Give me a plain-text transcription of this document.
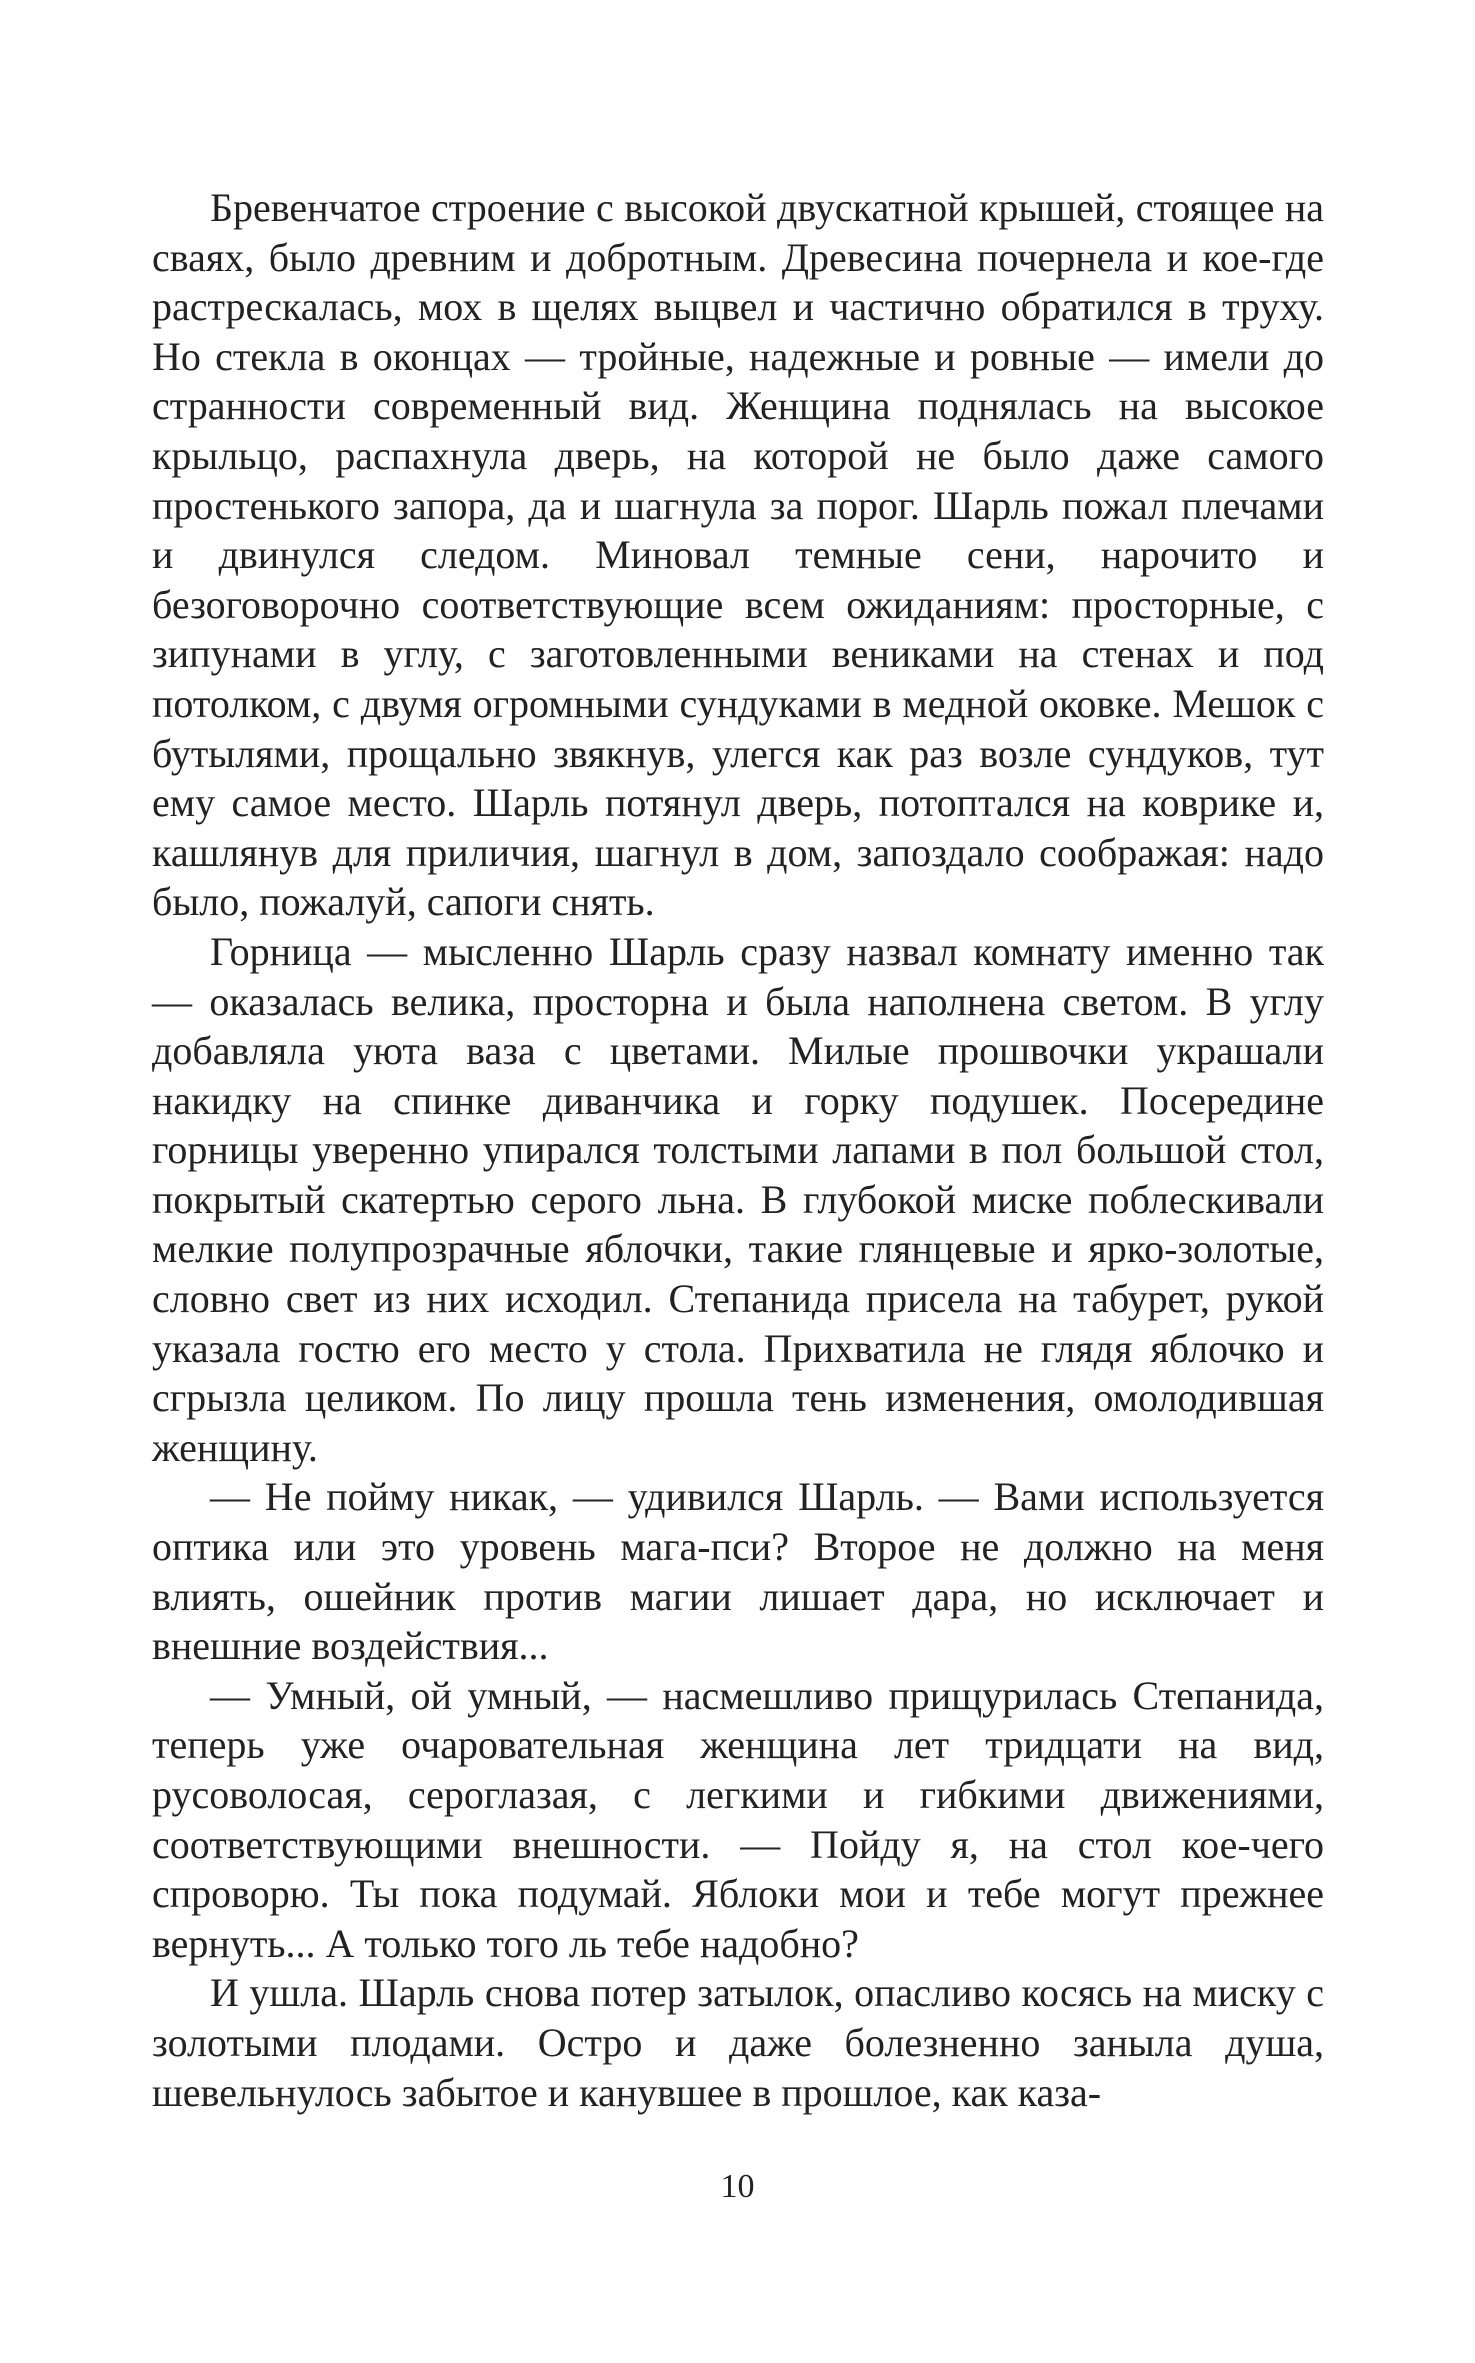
Бревенчатое строение с высокой двускатной крышей, стоящее на сваях, было древним и добротным. Древесина почернела и кое-где растрескалась, мох в щелях выцвел и частично обратился в труху. Но стекла в оконцах — тройные, надежные и ровные — имели до странности современный вид. Женщина поднялась на высокое крыльцо, распахнула дверь, на которой не было даже самого простенького запора, да и шагнула за порог. Шарль пожал плечами и двинулся следом. Миновал темные сени, нарочито и безоговорочно соответствующие всем ожиданиям: просторные, с зипунами в углу, с заготовленными вениками на стенах и под потолком, с двумя огромными сундуками в медной оковке. Мешок с бутылями, прощально звякнув, улегся как раз возле сундуков, тут ему самое место. Шарль потянул дверь, потоптался на коврике и, кашлянув для приличия, шагнул в дом, запоздало соображая: надо было, пожалуй, сапоги снять.

Горница — мысленно Шарль сразу назвал комнату именно так — оказалась велика, просторна и была наполнена светом. В углу добавляла уюта ваза с цветами. Милые прошвочки украшали накидку на спинке диванчика и горку подушек. Посередине горницы уверенно упирался толстыми лапами в пол большой стол, покрытый скатертью серого льна. В глубокой миске поблескивали мелкие полупрозрачные яблочки, такие глянцевые и ярко-золотые, словно свет из них исходил. Степанида присела на табурет, рукой указала гостю его место у стола. Прихватила не глядя яблочко и сгрызла целиком. По лицу прошла тень изменения, омолодившая женщину.

— Не пойму никак, — удивился Шарль. — Вами используется оптика или это уровень мага-пси? Второе не должно на меня влиять, ошейник против магии лишает дара, но исключает и внешние воздействия...

— Умный, ой умный, — насмешливо прищурилась Степанида, теперь уже очаровательная женщина лет тридцати на вид, русоволосая, сероглазая, с легкими и гибкими движениями, соответствующими внешности. — Пойду я, на стол кое-чего спроворю. Ты пока подумай. Яблоки мои и тебе могут прежнее вернуть... А только того ль тебе надобно?

И ушла. Шарль снова потер затылок, опасливо косясь на миску с золотыми плодами. Остро и даже болезненно заныла душа, шевельнулось забытое и канувшее в прошлое, как каза-

10
